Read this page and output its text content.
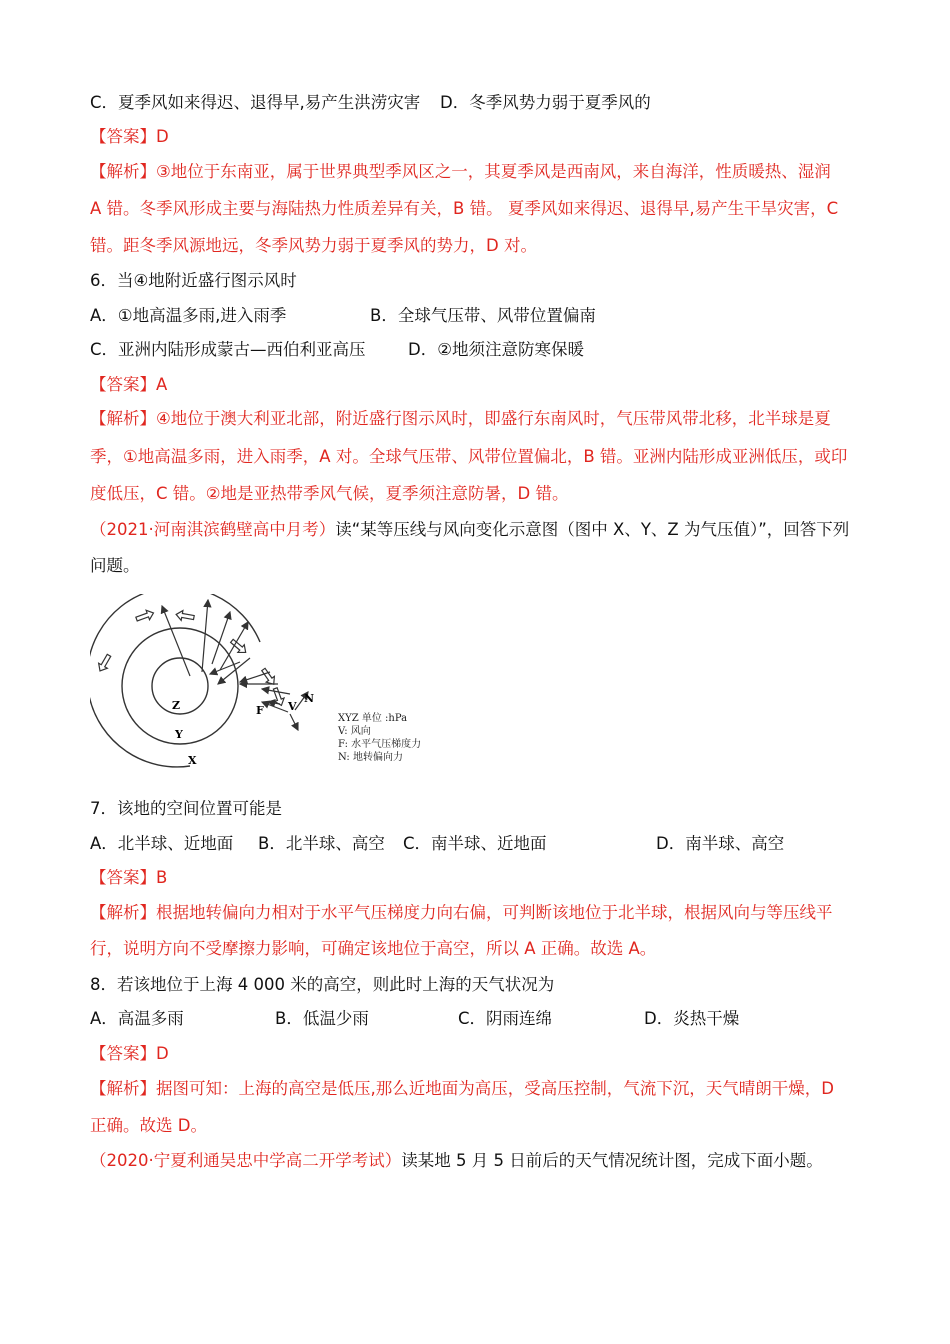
C．夏季风如来得迟、退得早,易产生洪涝灾害 D．冬季风势力弱于夏季风的
【答案】D
【解析】③地位于东南亚，属于世界典型季风区之一，其夏季风是西南风，来自海洋，性质暖热、湿润
A 错。冬季风形成主要与海陆热力性质差异有关，B 错。 夏季风如来得迟、退得早,易产生干旱灾害，C
错。距冬季风源地远，冬季风势力弱于夏季风的势力，D 对。
6．当④地附近盛行图示风时
A．①地高温多雨,进入雨季	B．全球气压带、风带位置偏南
C．亚洲内陆形成蒙古—西伯利亚高压	D．②地须注意防寒保暖
【答案】A
【解析】④地位于澳大利亚北部，附近盛行图示风时，即盛行东南风时，气压带风带北移，北半球是夏
季，①地高温多雨，进入雨季，A 对。全球气压带、风带位置偏北，B 错。亚洲内陆形成亚洲低压，或印
度低压，C 错。②地是亚热带季风气候，夏季须注意防暑，D 错。
（2021·河南淇滨鹤壁高中月考）读“某等压线与风向变化示意图（图中 X、Y、Z 为气压值）”，回答下列
问题。
Z
Y
X
F V
N
XYZ 单位 :hPa
V: 风向
F: 水平气压梯度力
N: 地转偏向力
7．该地的空间位置可能是
A．北半球、近地面 B．北半球、高空 C．南半球、近地面	D．南半球、高空
【答案】B
【解析】根据地转偏向力相对于水平气压梯度力向右偏，可判断该地位于北半球，根据风向与等压线平
行，说明方向不受摩擦力影响，可确定该地位于高空，所以 A 正确。故选 A。
8．若该地位于上海 4 000 米的高空，则此时上海的天气状况为
A．高温多雨	B．低温少雨	C．阴雨连绵	D．炎热干燥
【答案】D
【解析】据图可知：上海的高空是低压,那么近地面为高压，受高压控制，气流下沉，天气晴朗干燥，D
正确。故选 D。
（2020·宁夏利通吴忠中学高二开学考试）读某地 5 月 5 日前后的天气情况统计图，完成下面小题。
